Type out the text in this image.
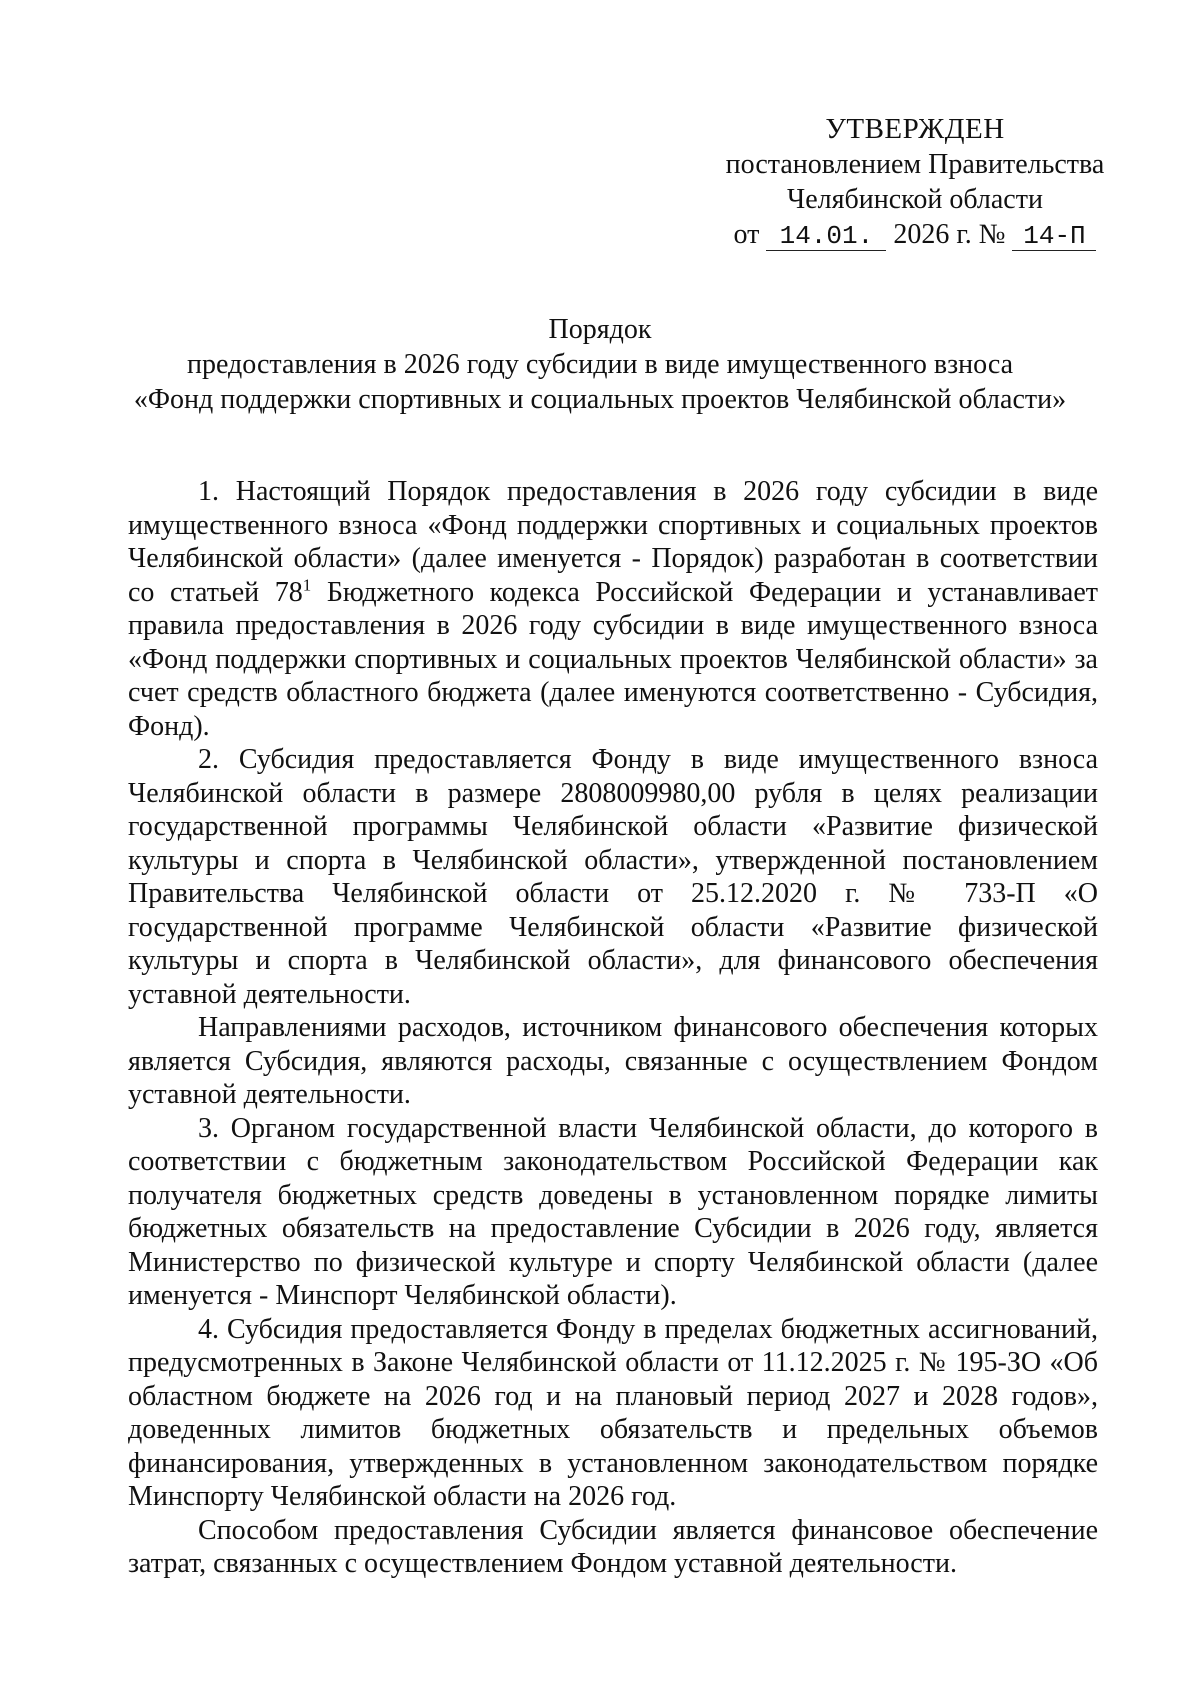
УТВЕРЖДЕН
постановлением Правительства
Челябинской области
от 14.01. 2026 г. № 14-П
Порядок
предоставления в 2026 году субсидии в виде имущественного взноса
«Фонд поддержки спортивных и социальных проектов Челябинской области»

1. Настоящий Порядок предоставления в 2026 году субсидии в виде имущественного взноса «Фонд поддержки спортивных и социальных проектов Челябинской области» (далее именуется - Порядок) разработан в соответствии со статьей $78^1$ Бюджетного кодекса Российской Федерации и устанавливает правила предоставления в 2026 году субсидии в виде имущественного взноса «Фонд поддержки спортивных и социальных проектов Челябинской области» за счет средств областного бюджета (далее именуются соответственно - Субсидия, Фонд).

2. Субсидия предоставляется Фонду в виде имущественного взноса Челябинской области в размере 2808009980,00 рубля в целях реализации государственной программы Челябинской области «Развитие физической культуры и спорта в Челябинской области», утвержденной постановлением Правительства Челябинской области от 25.12.2020 г. № 733-П «О государственной программе Челябинской области «Развитие физической культуры и спорта в Челябинской области», для финансового обеспечения уставной деятельности.

Направлениями расходов, источником финансового обеспечения которых является Субсидия, являются расходы, связанные с осуществлением Фондом уставной деятельности.

3. Органом государственной власти Челябинской области, до которого в соответствии с бюджетным законодательством Российской Федерации как получателя бюджетных средств доведены в установленном порядке лимиты бюджетных обязательств на предоставление Субсидии в 2026 году, является Министерство по физической культуре и спорту Челябинской области (далее именуется - Минспорт Челябинской области).

4. Субсидия предоставляется Фонду в пределах бюджетных ассигнований, предусмотренных в Законе Челябинской области от 11.12.2025 г. № 195-ЗО «Об областном бюджете на 2026 год и на плановый период 2027 и 2028 годов», доведенных лимитов бюджетных обязательств и предельных объемов финансирования, утвержденных в установленном законодательством порядке Минспорту Челябинской области на 2026 год.

Способом предоставления Субсидии является финансовое обеспечение затрат, связанных с осуществлением Фондом уставной деятельности.
